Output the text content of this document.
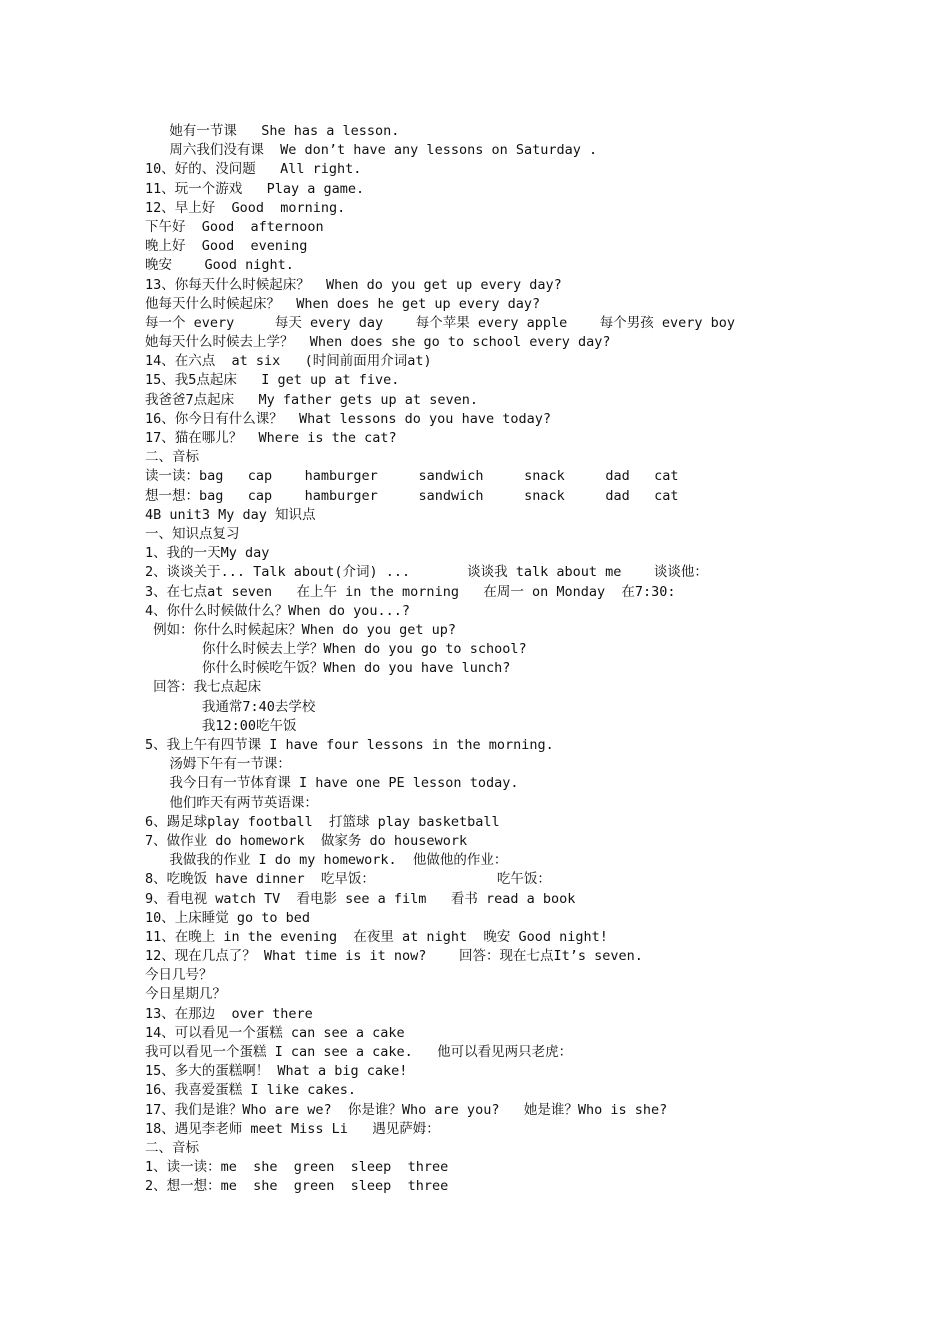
她有一节课   She has a lesson.
周六我们没有课  We don’t have any lessons on Saturday .
10、好的、没问题   All right.
11、玩一个游戏   Play a game.
12、早上好  Good  morning.
下午好  Good  afternoon
晚上好  Good  evening
晚安    Good night.
13、你每天什么时候起床？  When do you get up every day?
他每天什么时候起床？  When does he get up every day?
每一个 every     每天 every day    每个苹果 every apple    每个男孩 every boy
她每天什么时候去上学？  When does she go to school every day?
14、在六点  at six   (时间前面用介词at)
15、我5点起床   I get up at five.
我爸爸7点起床   My father gets up at seven.
16、你今日有什么课？  What lessons do you have today?
17、猫在哪儿？  Where is the cat?
二、音标
读一读：bag   cap    hamburger     sandwich     snack     dad   cat
想一想：bag   cap    hamburger     sandwich     snack     dad   cat
4B unit3 My day 知识点
一、知识点复习
1、我的一天My day
2、谈谈关于... Talk about(介词) ...       谈谈我 talk about me    谈谈他：
3、在七点at seven   在上午 in the morning   在周一 on Monday  在7:30:
4、你什么时候做什么？When do you...?
例如：你什么时候起床？When do you get up?
你什么时候去上学？When do you go to school?
你什么时候吃午饭？When do you have lunch?
回答：我七点起床
我通常7:40去学校
我12:00吃午饭
5、我上午有四节课 I have four lessons in the morning.
汤姆下午有一节课：
我今日有一节体育课 I have one PE lesson today.
他们昨天有两节英语课：
6、踢足球play football  打篮球 play basketball
7、做作业 do homework  做家务 do housework
我做我的作业 I do my homework.  他做他的作业：
8、吃晚饭 have dinner  吃早饭：               吃午饭：
9、看电视 watch TV  看电影 see a film   看书 read a book
10、上床睡觉 go to bed
11、在晚上 in the evening  在夜里 at night  晚安 Good night!
12、现在几点了？ What time is it now?    回答：现在七点It’s seven.
今日几号？
今日星期几？
13、在那边  over there
14、可以看见一个蛋糕 can see a cake
我可以看见一个蛋糕 I can see a cake.   他可以看见两只老虎：
15、多大的蛋糕啊！ What a big cake!
16、我喜爱蛋糕 I like cakes.
17、我们是谁？Who are we?  你是谁？Who are you?   她是谁？Who is she?
18、遇见李老师 meet Miss Li   遇见萨姆：
二、音标
1、读一读：me  she  green  sleep  three
2、想一想：me  she  green  sleep  three
